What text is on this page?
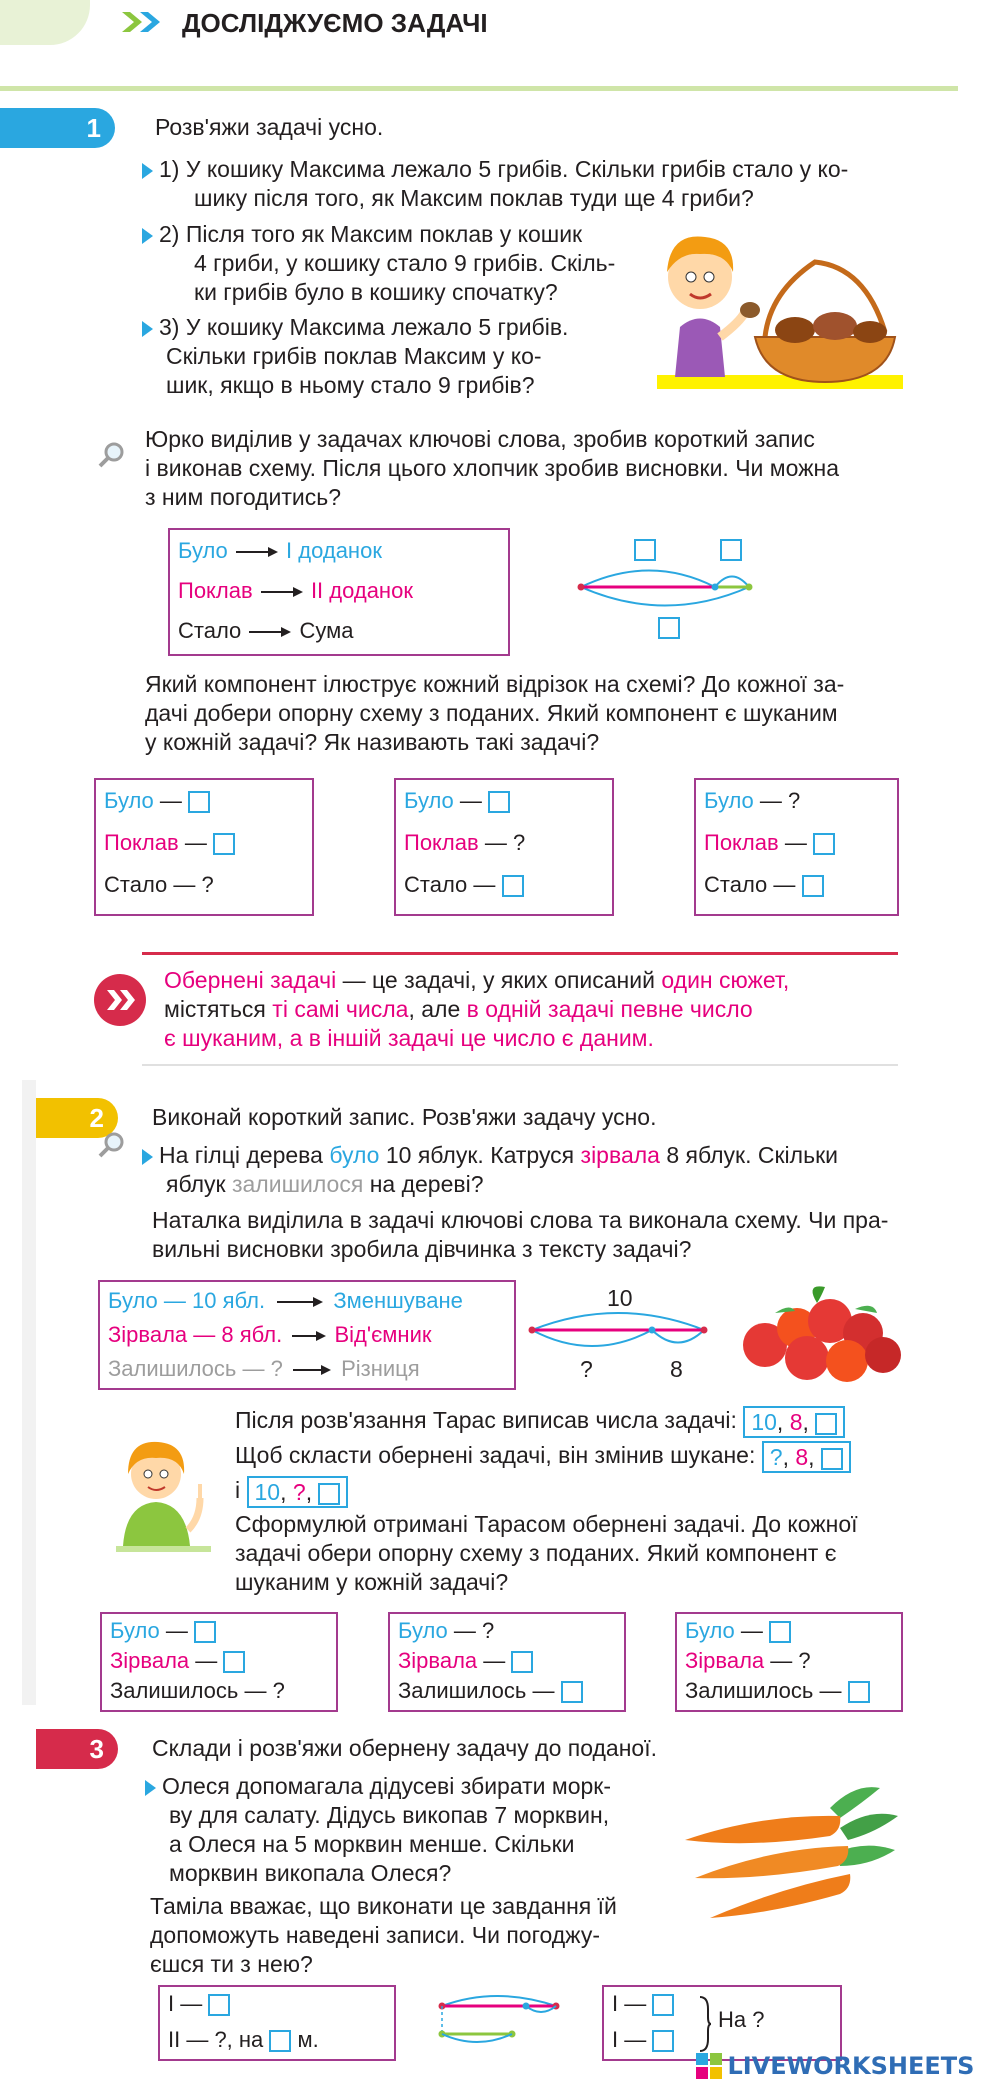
ДОСЛІДЖУЄМО ЗАДАЧІ
1	Розв'яжи задачі усно.
1) У кошику Максима лежало 5 грибів. Скільки грибів стало у ко-
шику після того, як Максим поклав туди ще 4 гриби?
2) Після того як Максим поклав у кошик
4 гриби, у кошику стало 9 грибів. Скіль-
ки грибів було в кошику спочатку?
3) У кошику Максима лежало 5 грибів.
Скільки грибів поклав Максим у ко-
шик, якщо в ньому стало 9 грибів?
Юрко виділив у задачах ключові слова, зробив короткий запис
і виконав схему. Після цього хлопчик зробив висновки. Чи можна
з ним погодитись?
Було	І доданок
Поклав	ІІ доданок
Стало	Сума
Який компонент ілюструє кожний відрізок на схемі? До кожної за-
дачі добери опорну схему з поданих. Який компонент є шуканим
у кожній задачі? Як називають такі задачі?
Було —
Поклав —
Стало — ?
Було —
Поклав — ?
Стало —
Було — ?
Поклав —
Стало —
Обернені задачі — це задачі, у яких описаний один сюжет,
містяться ті самі числа, але в одній задачі певне число
є шуканим, а в іншій задачі це число є даним.
2	Виконай короткий запис. Розв'яжи задачу усно.
На гілці дерева було 10 яблук. Катруся зірвала 8 яблук. Скільки
яблук залишилося на дереві?
Наталка виділила в задачі ключові слова та виконала схему. Чи пра-
вильні висновки зробила дівчинка з тексту задачі?
Було — 10 ябл.	Зменшуване
Зірвала — 8 ябл. Від'ємник
Залишилось — ?	Різниця
10
?	8
Після розв'язання Тарас виписав числа задачі: 10, 8,
Щоб скласти обернені задачі, він змінив шукане: ?, 8,
і 10, ?,
Сформулюй отримані Тарасом обернені задачі. До кожної
задачі обери опорну схему з поданих. Який компонент є
шуканим у кожній задачі?
Було —
Зірвала —
Залишилось — ?
Було — ?
Зірвала —
Залишилось —
Було —
Зірвала — ?
Залишилось —
3	Склади і розв'яжи обернену задачу до поданої.
Олеся допомагала дідусеві збирати морк-
ву для салату. Дідусь викопав 7 морквин,
а Олеся на 5 морквин менше. Скільки
морквин викопала Олеся?
Таміла вважає, що виконати це завдання їй
допоможуть наведені записи. Чи погоджу-
єшся ти з нею?
І —
ІІ — ?, на м.
І —
І —
На ?
LIVEWORKSHEETS
